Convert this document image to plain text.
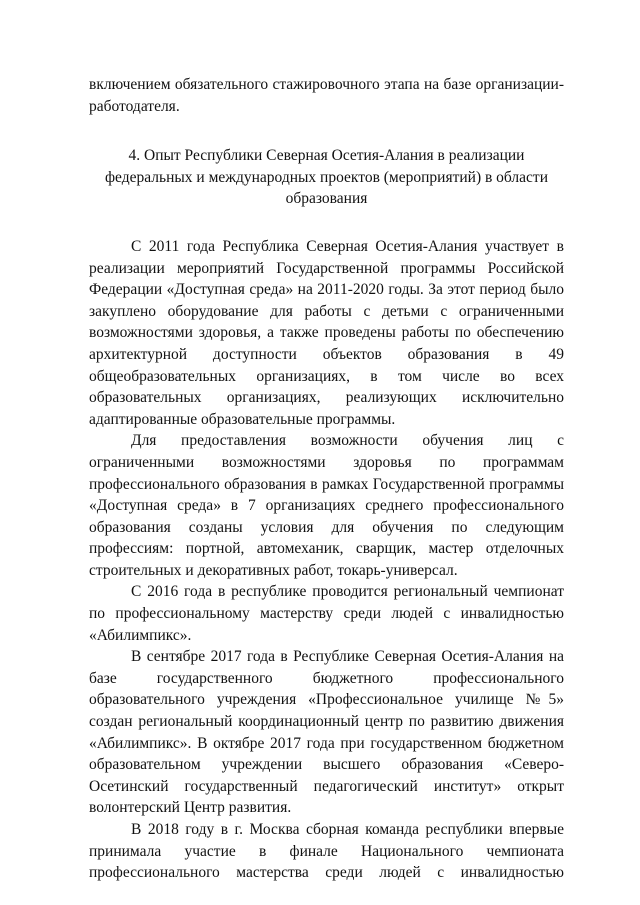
включением обязательного стажировочного этапа на базе организации-работодателя.

4. Опыт Республики Северная Осетия-Алания в реализации федеральных и международных проектов (мероприятий) в области образования

С 2011 года Республика Северная Осетия-Алания участвует в реализации мероприятий Государственной программы Российской Федерации «Доступная среда» на 2011-2020 годы. За этот период было закуплено оборудование для работы с детьми с ограниченными возможностями здоровья, а также проведены работы по обеспечению архитектурной доступности объектов образования в 49 общеобразовательных организациях, в том числе во всех образовательных организациях, реализующих исключительно адаптированные образовательные программы.

Для предоставления возможности обучения лиц с ограниченными возможностями здоровья по программам профессионального образования в рамках Государственной программы «Доступная среда» в 7 организациях среднего профессионального образования созданы условия для обучения по следующим профессиям: портной, автомеханик, сварщик, мастер отделочных строительных и декоративных работ, токарь-универсал.

С 2016 года в республике проводится региональный чемпионат по профессиональному мастерству среди людей с инвалидностью «Абилимпикс».

В сентябре 2017 года в Республике Северная Осетия-Алания на базе государственного бюджетного профессионального образовательного учреждения «Профессиональное училище №5» создан региональный координационный центр по развитию движения «Абилимпикс». В октябре 2017 года при государственном бюджетном образовательном учреждении высшего образования «Северо-Осетинский государственный педагогический институт» открыт волонтерский Центр развития.

В 2018 году в г. Москва сборная команда республики впервые принимала участие в финале Национального чемпионата профессионального мастерства среди людей с инвалидностью
